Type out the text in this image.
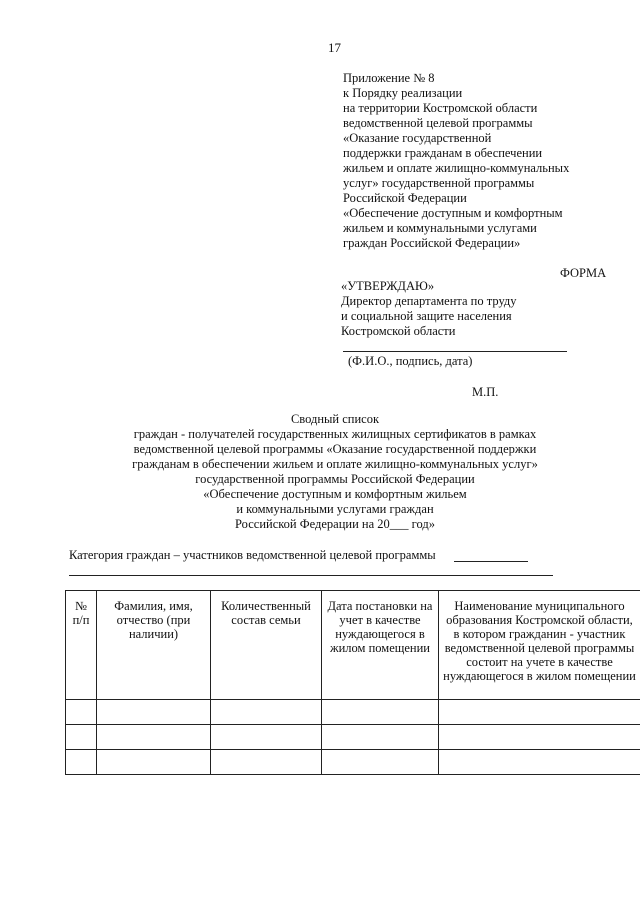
17
Приложение № 8
к Порядку реализации
на территории Костромской области
ведомственной целевой программы
«Оказание государственной
поддержки гражданам в обеспечении
жильем и оплате жилищно-коммунальных
услуг» государственной программы
Российской Федерации
«Обеспечение доступным и комфортным
жильем и коммунальными услугами
граждан Российской Федерации»
ФОРМА
«УТВЕРЖДАЮ»
Директор департамента по труду
и социальной защите населения
Костромской области
(Ф.И.О., подпись, дата)
М.П.
Сводный список
граждан - получателей государственных жилищных сертификатов в рамках
ведомственной целевой программы «Оказание государственной поддержки
гражданам в обеспечении жильем и оплате жилищно-коммунальных услуг»
государственной программы Российской Федерации
«Обеспечение доступным и комфортным жильем
и коммунальными услугами граждан
Российской Федерации на 20___ год»
Категория граждан – участников ведомственной целевой программы
№ п/п	Фамилия, имя, отчество (при наличии)	Количественный состав семьи	Дата постановки на учет в качестве нуждающегося в жилом помещении	Наименование муниципального образования Костромской области, в котором гражданин - участник ведомственной целевой программы состоит на учете в качестве нуждающегося в жилом помещении
